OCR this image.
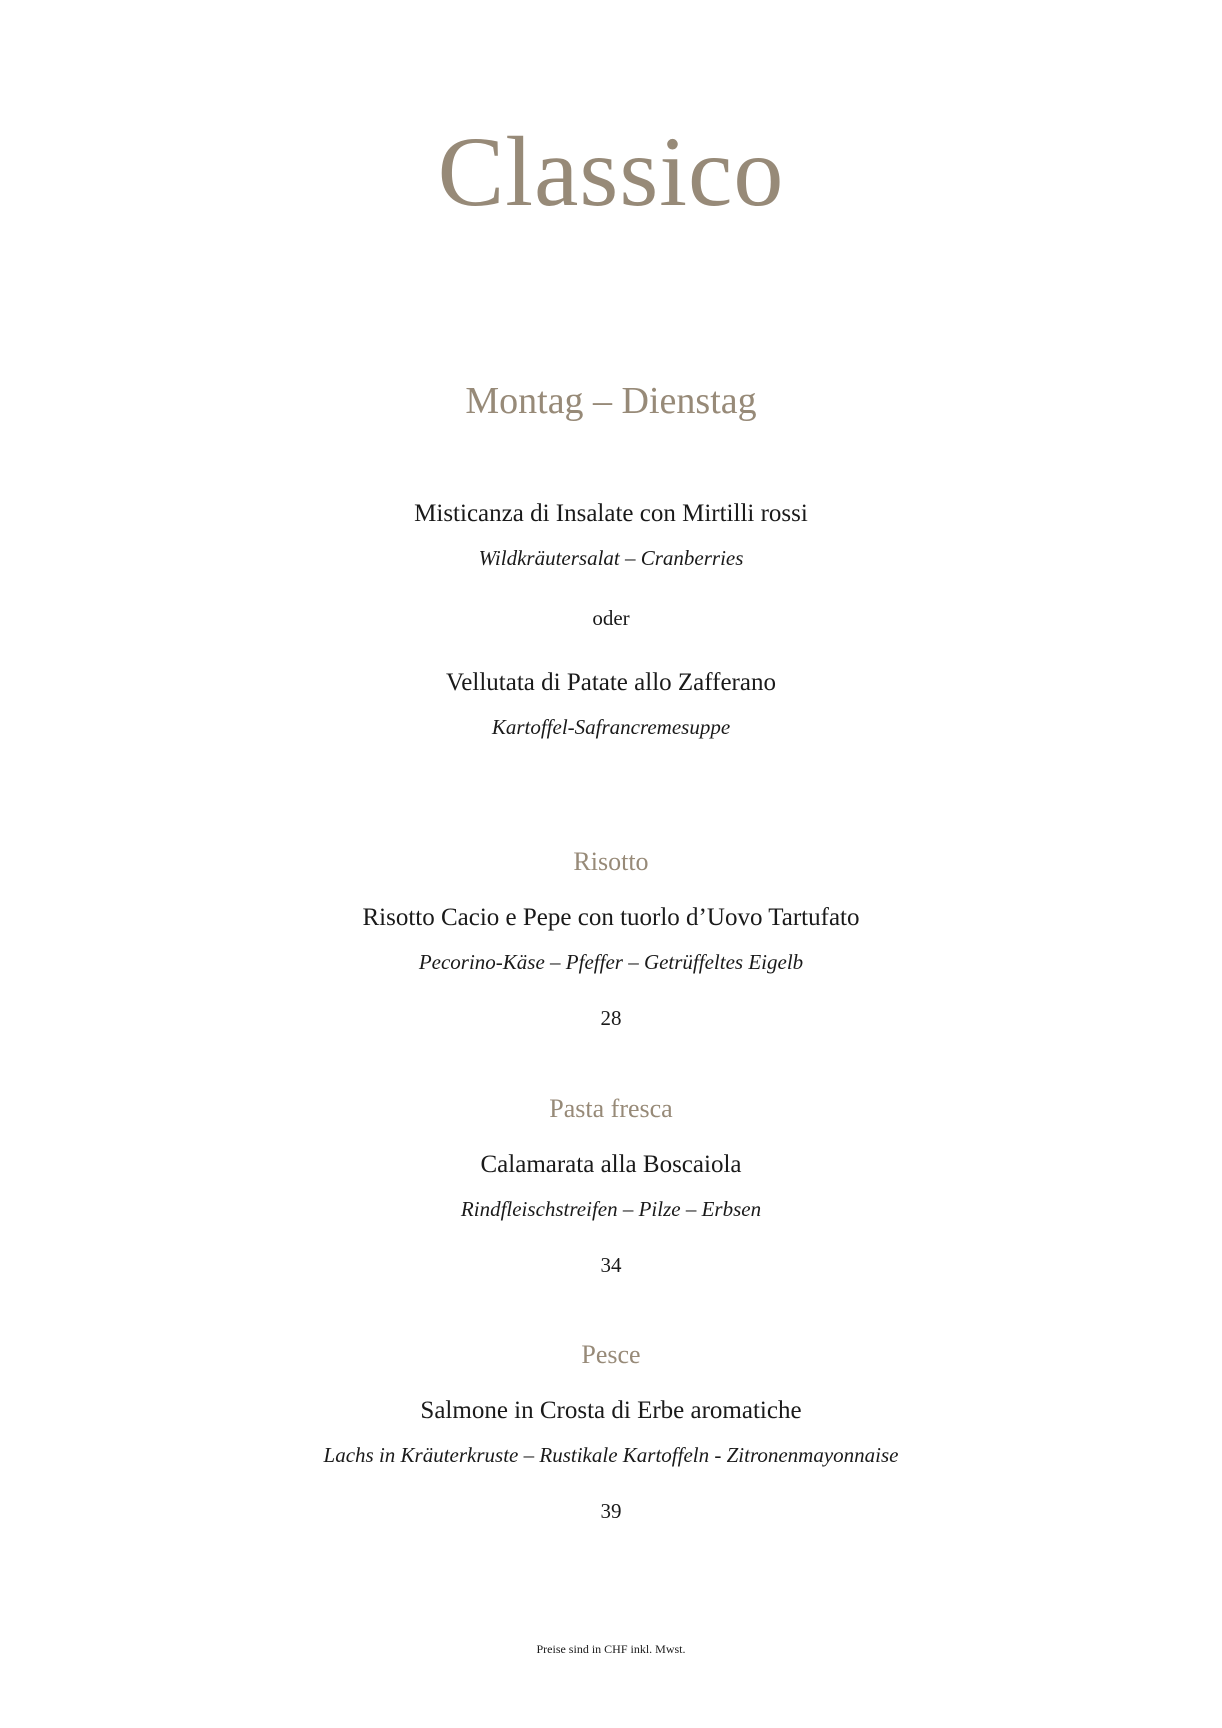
Classico
Montag – Dienstag
Misticanza di Insalate con Mirtilli rossi
Wildkräutersalat – Cranberries
oder
Vellutata di Patate allo Zafferano
Kartoffel-Safrancremesuppe
Risotto
Risotto Cacio e Pepe con tuorlo d’Uovo Tartufato
Pecorino-Käse – Pfeffer – Getrüffeltes Eigelb
28
Pasta fresca
Calamarata alla Boscaiola
Rindfleischstreifen – Pilze – Erbsen
34
Pesce
Salmone in Crosta di Erbe aromatiche
Lachs in Kräuterkruste – Rustikale Kartoffeln - Zitronenmayonnaise
39
Preise sind in CHF inkl. Mwst.
